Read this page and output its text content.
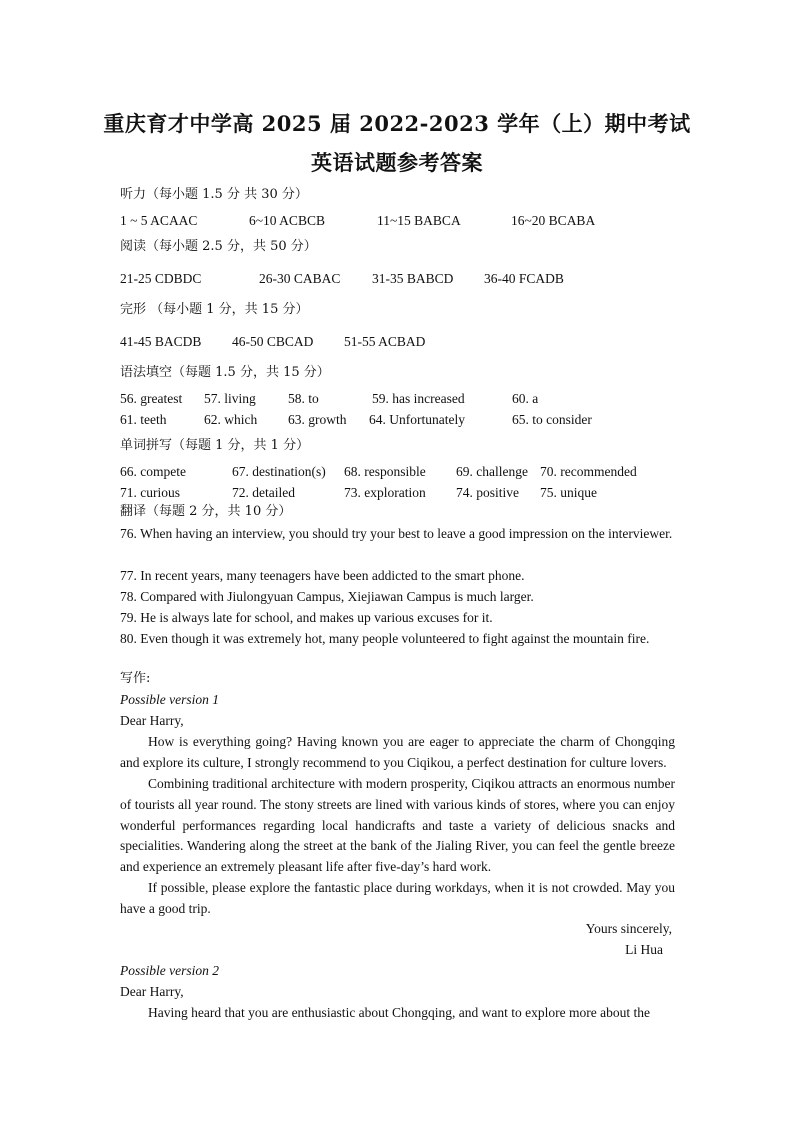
重庆育才中学高 2025 届 2022-2023 学年（上）期中考试
英语试题参考答案
听力（每小题 1.5 分 共 30 分）
1 ~ 5 ACAAC	6~10 ACBCB	11~15 BABCA	16~20 BCABA
阅读（每小题 2.5 分，共 50 分）
21-25 CDBDC	26-30 CABAC 31-35 BABCD 36-40 FCADB
完形 （每小题 1 分，共 15 分）
41-45 BACDB 46-50 CBCAD 51-55 ACBAD
语法填空（每题 1.5 分，共 15 分）
56. greatest 57. living 58. to	59. has increased	60. a
61. teeth	62. which 63. growth 64. Unfortunately	65. to consider
单词拼写（每题 1 分，共 1 分）
66. compete	67. destination(s) 68. responsible 69. challenge 70. recommended
71. curious	72. detailed	73. exploration 74. positive 75. unique
翻译（每题 2 分，共 10 分）
76. When having an interview, you should try your best to leave a good impression on the interviewer.
77. In recent years, many teenagers have been addicted to the smart phone.
78. Compared with Jiulongyuan Campus, Xiejiawan Campus is much larger.
79. He is always late for school, and makes up various excuses for it.
80. Even though it was extremely hot, many people volunteered to fight against the mountain fire.
写作:
Possible version 1
Dear Harry,
How is everything going? Having known you are eager to appreciate the charm of Chongqing and explore its culture, I strongly recommend to you Ciqikou, a perfect destination for culture lovers.
Combining traditional architecture with modern prosperity, Ciqikou attracts an enormous number of tourists all year round. The stony streets are lined with various kinds of stores, where you can enjoy wonderful performances regarding local handicrafts and taste a variety of delicious snacks and specialities. Wandering along the street at the bank of the Jialing River, you can feel the gentle breeze and experience an extremely pleasant life after five-day’s hard work.
If possible, please explore the fantastic place during workdays, when it is not crowded. May you have a good trip.
Yours sincerely,
Li Hua
Possible version 2
Dear Harry,
Having heard that you are enthusiastic about Chongqing, and want to explore more about the
